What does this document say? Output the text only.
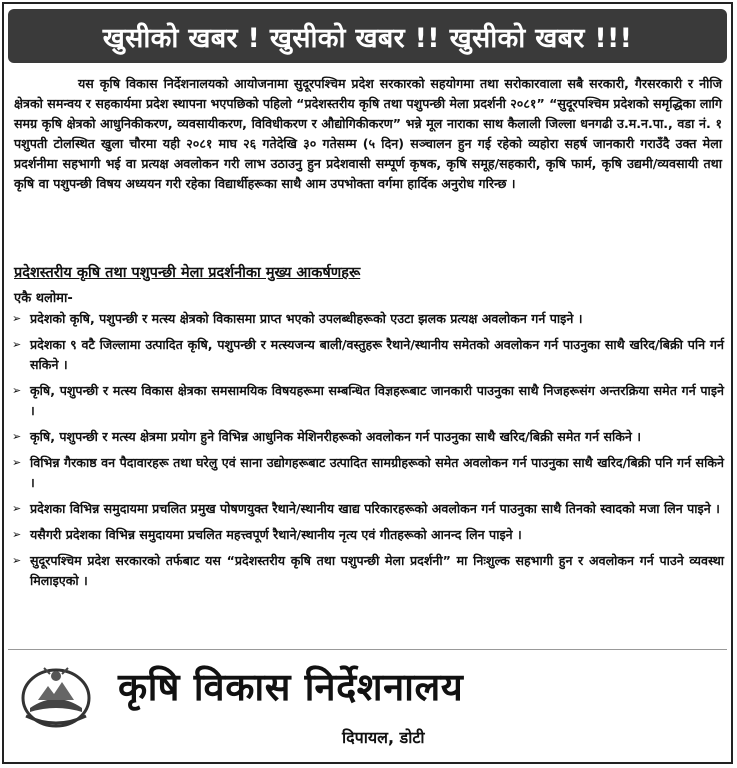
खुसीको खबर ! खुसीको खबर !! खुसीको खबर !!!

यस कृषि विकास निर्देशनालयको आयोजनामा सुदूरपश्चिम प्रदेश सरकारको सहयोगमा तथा सरोकारवाला सबै सरकारी, गैरसरकारी र नीजि क्षेत्रको समन्वय र सहकार्यमा प्रदेश स्थापना भएपछिको पहिलो “प्रदेशस्तरीय कृषि तथा पशुपन्छी मेला प्रदर्शनी २०८१” “सुदूरपश्चिम प्रदेशको समृद्धिका लागि समग्र कृषि क्षेत्रको आधुनिकीकरण, व्यवसायीकरण, विविधीकरण र औद्योगिकीकरण” भन्ने मूल नाराका साथ कैलाली जिल्ला धनगढी उ.म.न.पा., वडा नं. १ पशुपती टोलस्थित खुला चौरमा यही २०८१ माघ २६ गतेदेखि ३० गतेसम्म (५ दिन) सञ्चालन हुन गई रहेको व्यहोरा सहर्ष जानकारी गराउँदै उक्त मेला प्रदर्शनीमा सहभागी भई वा प्रत्यक्ष अवलोकन गरी लाभ उठाउनु हुन प्रदेशवासी सम्पूर्ण कृषक, कृषि समूह/सहकारी, कृषि फार्म, कृषि उद्यमी/व्यवसायी तथा कृषि वा पशुपन्छी विषय अध्ययन गरी रहेका विद्यार्थीहरूका साथै आम उपभोक्ता वर्गमा हार्दिक अनुरोध गरिन्छ ।

प्रदेशस्तरीय कृषि तथा पशुपन्छी मेला प्रदर्शनीका मुख्य आकर्षणहरू

एकै थलोमा-

➢ प्रदेशको कृषि, पशुपन्छी र मत्स्य क्षेत्रको विकासमा प्राप्त भएको उपलब्धीहरूको एउटा झलक प्रत्यक्ष अवलोकन गर्न पाइने ।
➢ प्रदेशका ९ वटै जिल्लामा उत्पादित कृषि, पशुपन्छी र मत्स्यजन्य बाली/वस्तुहरू रैथाने/स्थानीय समेतको अवलोकन गर्न पाउनुका साथै खरिद/बिक्री पनि गर्न सकिने ।
➢ कृषि, पशुपन्छी र मत्स्य विकास क्षेत्रका समसामयिक विषयहरूमा सम्बन्धित विज्ञहरूबाट जानकारी पाउनुका साथै निजहरूसंग अन्तरक्रिया समेत गर्न पाइने ।
➢ कृषि, पशुपन्छी र मत्स्य क्षेत्रमा प्रयोग हुने विभिन्न आधुनिक मेशिनरीहरूको अवलोकन गर्न पाउनुका साथै खरिद/बिक्री समेत गर्न सकिने ।
➢ विभिन्न गैरकाष्ठ वन पैदावारहरू तथा घरेलु एवं साना उद्योगहरूबाट उत्पादित सामग्रीहरूको समेत अवलोकन गर्न पाउनुका साथै खरिद/बिक्री पनि गर्न सकिने ।
➢ प्रदेशका विभिन्न समुदायमा प्रचलित प्रमुख पोषणयुक्त रैथाने/स्थानीय खाद्य परिकारहरूको अवलोकन गर्न पाउनुका साथै तिनको स्वादको मजा लिन पाइने ।
➢ यसैगरी प्रदेशका विभिन्न समुदायमा प्रचलित महत्त्वपूर्ण रैथाने/स्थानीय नृत्य एवं गीतहरूको आनन्द लिन पाइने ।
➢ सुदूरपश्चिम प्रदेश सरकारको तर्फबाट यस “प्रदेशस्तरीय कृषि तथा पशुपन्छी मेला प्रदर्शनी” मा निःशुल्क सहभागी हुन र अवलोकन गर्न पाउने व्यवस्था मिलाइएको ।
कृषि विकास निर्देशनालय
दिपायल, डोटी
